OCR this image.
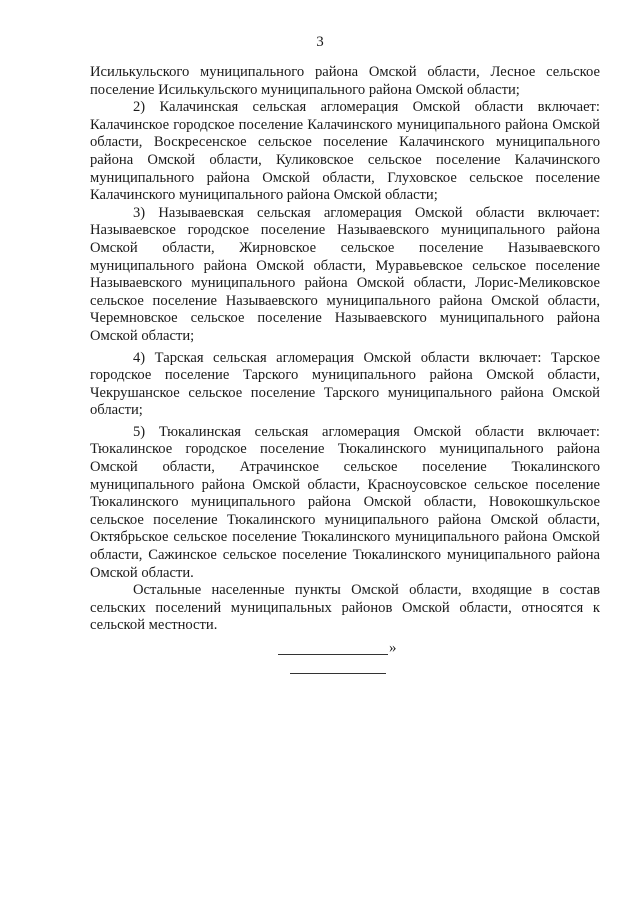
3

Исилькульского муниципального района Омской области, Лесное сельское поселение Исилькульского муниципального района Омской области;

2) Калачинская сельская агломерация Омской области включает: Калачинское городское поселение Калачинского муниципального района Омской области, Воскресенское сельское поселение Калачинского муниципального района Омской области, Куликовское сельское поселение Калачинского муниципального района Омской области, Глуховское сельское поселение Калачинского муниципального района Омской области;

3) Называевская сельская агломерация Омской области включает: Называевское городское поселение Называевского муниципального района Омской области, Жирновское сельское поселение Называевского муниципального района Омской области, Муравьевское сельское поселение Называевского муниципального района Омской области, Лорис-Меликовское сельское поселение Называевского муниципального района Омской области, Черемновское сельское поселение Называевского муниципального района Омской области;

4) Тарская сельская агломерация Омской области включает: Тарское городское поселение Тарского муниципального района Омской области, Чекрушанское сельское поселение Тарского муниципального района Омской области;

5) Тюкалинская сельская агломерация Омской области включает: Тюкалинское городское поселение Тюкалинского муниципального района Омской области, Атрачинское сельское поселение Тюкалинского муниципального района Омской области, Красноусовское сельское поселение Тюкалинского муниципального района Омской области, Новокошкульское сельское поселение Тюкалинского муниципального района Омской области, Октябрьское сельское поселение Тюкалинского муниципального района Омской области, Сажинское сельское поселение Тюкалинского муниципального района Омской области.

Остальные населенные пункты Омской области, входящие в состав сельских поселений муниципальных районов Омской области, относятся к сельской местности.

»
